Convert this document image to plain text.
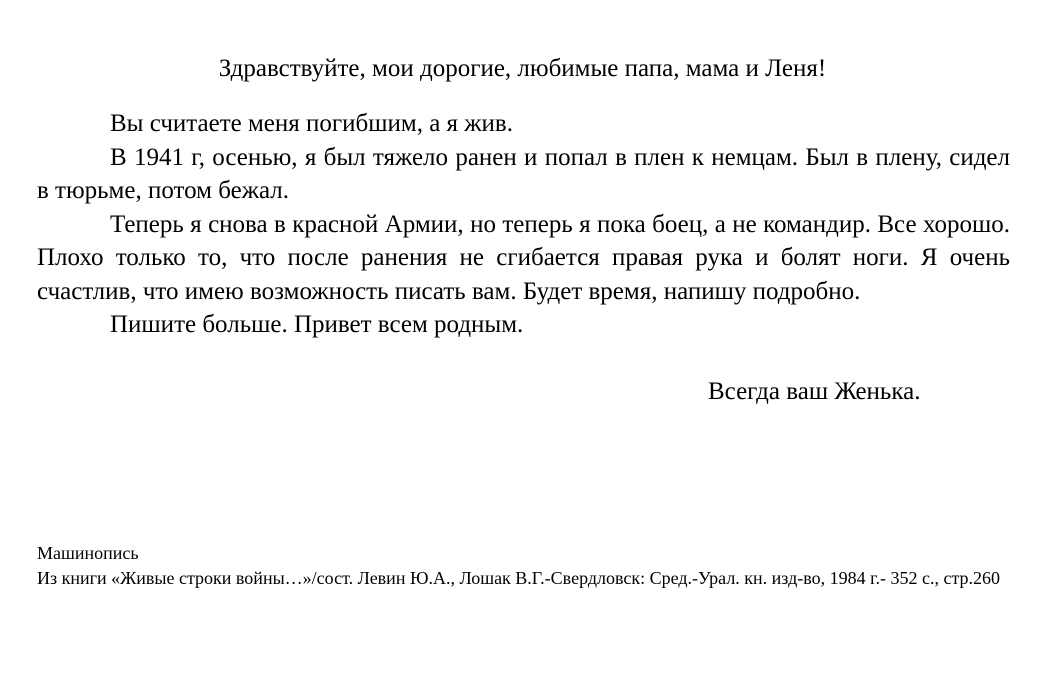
Здравствуйте, мои дорогие, любимые папа, мама и Леня!

Вы считаете меня погибшим, а я жив.

В 1941 г, осенью, я был тяжело ранен и попал в плен к немцам. Был в плену, сидел в тюрьме, потом бежал.

Теперь я снова в красной Армии, но теперь я пока боец, а не командир. Все хорошо. Плохо только то, что после ранения не сгибается правая рука и болят ноги. Я очень счастлив, что имею возможность писать вам. Будет время, напишу подробно.

Пишите больше. Привет всем родным.

Всегда ваш Женька.
Машинопись
Из книги «Живые строки войны…»/сост. Левин Ю.А., Лошак В.Г.-Свердловск: Сред.-Урал. кн. изд-во, 1984 г.- 352 с., стр.260
